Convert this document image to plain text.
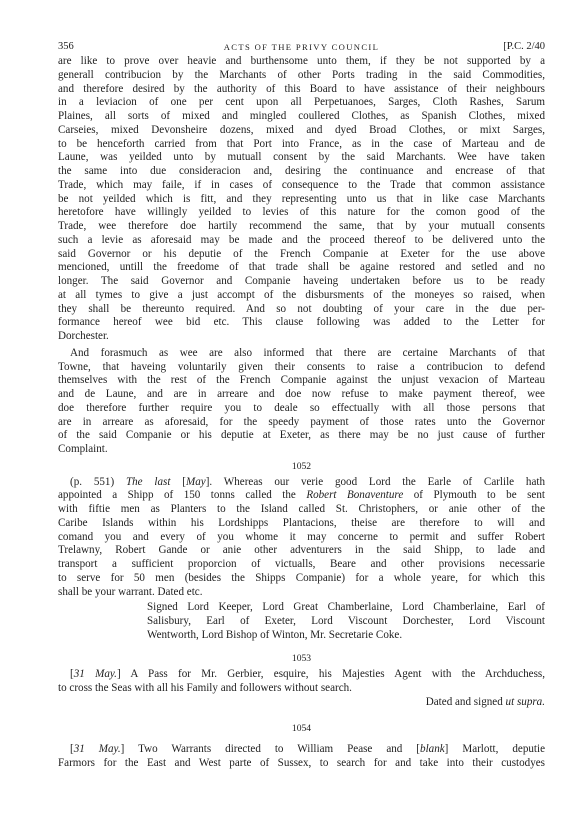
356	ACTS OF THE PRIVY COUNCIL	[P.C. 2/40
are like to prove over heavie and burthensome unto them, if they be not supported by a
generall contribucion by the Marchants of other Ports trading in the said Commodities,
and therefore desired by the authority of this Board to have assistance of their neighbours
in a leviacion of one per cent upon all Perpetuanoes, Sarges, Cloth Rashes, Sarum
Plaines, all sorts of mixed and mingled coullered Clothes, as Spanish Clothes, mixed
Carseies, mixed Devonsheire dozens, mixed and dyed Broad Clothes, or mixt Sarges,
to be henceforth carried from that Port into France, as in the case of Marteau and de
Laune, was yeilded unto by mutuall consent by the said Marchants. Wee have taken
the same into due consideracion and, desiring the continuance and encrease of that
Trade, which may faile, if in cases of consequence to the Trade that common assistance
be not yeilded which is fitt, and they representing unto us that in like case Marchants
heretofore have willingly yeilded to levies of this nature for the comon good of the
Trade, wee therefore doe hartily recommend the same, that by your mutuall consents
such a levie as aforesaid may be made and the proceed thereof to be delivered unto the
said Governor or his deputie of the French Companie at Exeter for the use above
mencioned, untill the freedome of that trade shall be againe restored and setled and no
longer. The said Governor and Companie haveing undertaken before us to be ready
at all tymes to give a just accompt of the disbursments of the moneyes so raised, when
they shall be thereunto required. And so not doubting of your care in the due per-
formance hereof wee bid etc. This clause following was added to the Letter for
Dorchester.
And forasmuch as wee are also informed that there are certaine Marchants of that
Towne, that haveing voluntarily given their consents to raise a contribucion to defend
themselves with the rest of the French Companie against the unjust vexacion of Marteau
and de Laune, and are in arreare and doe now refuse to make payment thereof, wee
doe therefore further require you to deale so effectually with all those persons that
are in arreare as aforesaid, for the speedy payment of those rates unto the Governor
of the said Companie or his deputie at Exeter, as there may be no just cause of further
Complaint.
1052
(p. 551) The last [May]. Whereas our verie good Lord the Earle of Carlile hath
appointed a Shipp of 150 tonns called the Robert Bonaventure of Plymouth to be sent
with fiftie men as Planters to the Island called St. Christophers, or anie other of the
Caribe Islands within his Lordshipps Plantacions, theise are therefore to will and
comand you and every of you whome it may concerne to permit and suffer Robert
Trelawny, Robert Gande or anie other adventurers in the said Shipp, to lade and
transport a sufficient proporcion of victualls, Beare and other provisions necessarie
to serve for 50 men (besides the Shipps Companie) for a whole yeare, for which this
shall be your warrant. Dated etc.
Signed Lord Keeper, Lord Great Chamberlaine, Lord Chamberlaine, Earl of
Salisbury, Earl of Exeter, Lord Viscount Dorchester, Lord Viscount
Wentworth, Lord Bishop of Winton, Mr. Secretarie Coke.
1053
[31 May.] A Pass for Mr. Gerbier, esquire, his Majesties Agent with the Archduchess,
to cross the Seas with all his Family and followers without search.
Dated and signed ut supra.
1054
[31 May.] Two Warrants directed to William Pease and [blank] Marlott, deputie
Farmors for the East and West parte of Sussex, to search for and take into their custodyes
